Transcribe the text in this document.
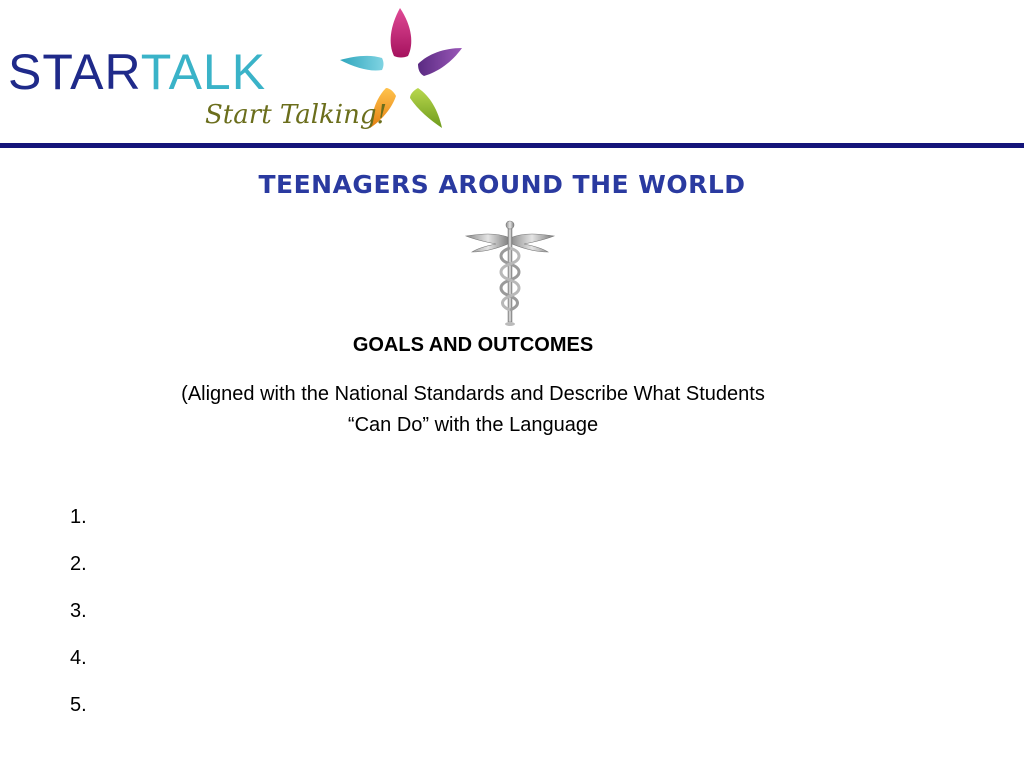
STARTALK
Start Talking!
TEENAGERS AROUND THE WORLD
GOALS AND OUTCOMES
(Aligned with the National Standards and Describe What Students
“Can Do” with the Language
1.
2.
3.
4.
5.
